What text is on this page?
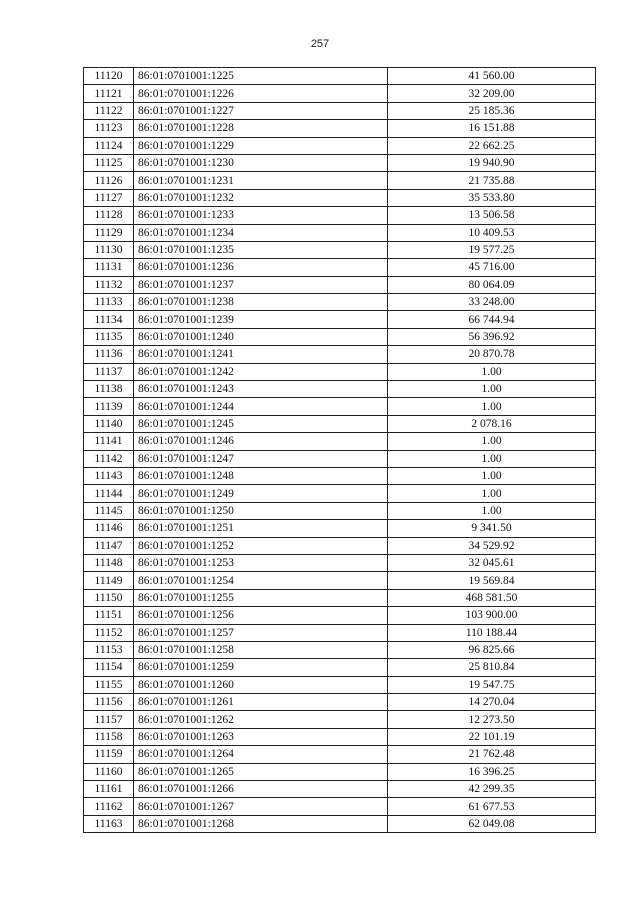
257
11120	86:01:0701001:1225	41 560.00
11121	86:01:0701001:1226	32 209.00
11122	86:01:0701001:1227	25 185.36
11123	86:01:0701001:1228	16 151.88
11124	86:01:0701001:1229	22 662.25
11125	86:01:0701001:1230	19 940.90
11126	86:01:0701001:1231	21 735.88
11127	86:01:0701001:1232	35 533.80
11128	86:01:0701001:1233	13 506.58
11129	86:01:0701001:1234	10 409.53
11130	86:01:0701001:1235	19 577.25
11131	86:01:0701001:1236	45 716.00
11132	86:01:0701001:1237	80 064.09
11133	86:01:0701001:1238	33 248.00
11134	86:01:0701001:1239	66 744.94
11135	86:01:0701001:1240	56 396.92
11136	86:01:0701001:1241	20 870.78
11137	86:01:0701001:1242	1.00
11138	86:01:0701001:1243	1.00
11139	86:01:0701001:1244	1.00
11140	86:01:0701001:1245	2 078.16
11141	86:01:0701001:1246	1.00
11142	86:01:0701001:1247	1.00
11143	86:01:0701001:1248	1.00
11144	86:01:0701001:1249	1.00
11145	86:01:0701001:1250	1.00
11146	86:01:0701001:1251	9 341.50
11147	86:01:0701001:1252	34 529.92
11148	86:01:0701001:1253	32 045.61
11149	86:01:0701001:1254	19 569.84
11150	86:01:0701001:1255	468 581.50
11151	86:01:0701001:1256	103 900.00
11152	86:01:0701001:1257	110 188.44
11153	86:01:0701001:1258	96 825.66
11154	86:01:0701001:1259	25 810.84
11155	86:01:0701001:1260	19 547.75
11156	86:01:0701001:1261	14 270.04
11157	86:01:0701001:1262	12 273.50
11158	86:01:0701001:1263	22 101.19
11159	86:01:0701001:1264	21 762.48
11160	86:01:0701001:1265	16 396.25
11161	86:01:0701001:1266	42 299.35
11162	86:01:0701001:1267	61 677.53
11163	86:01:0701001:1268	62 049.08
